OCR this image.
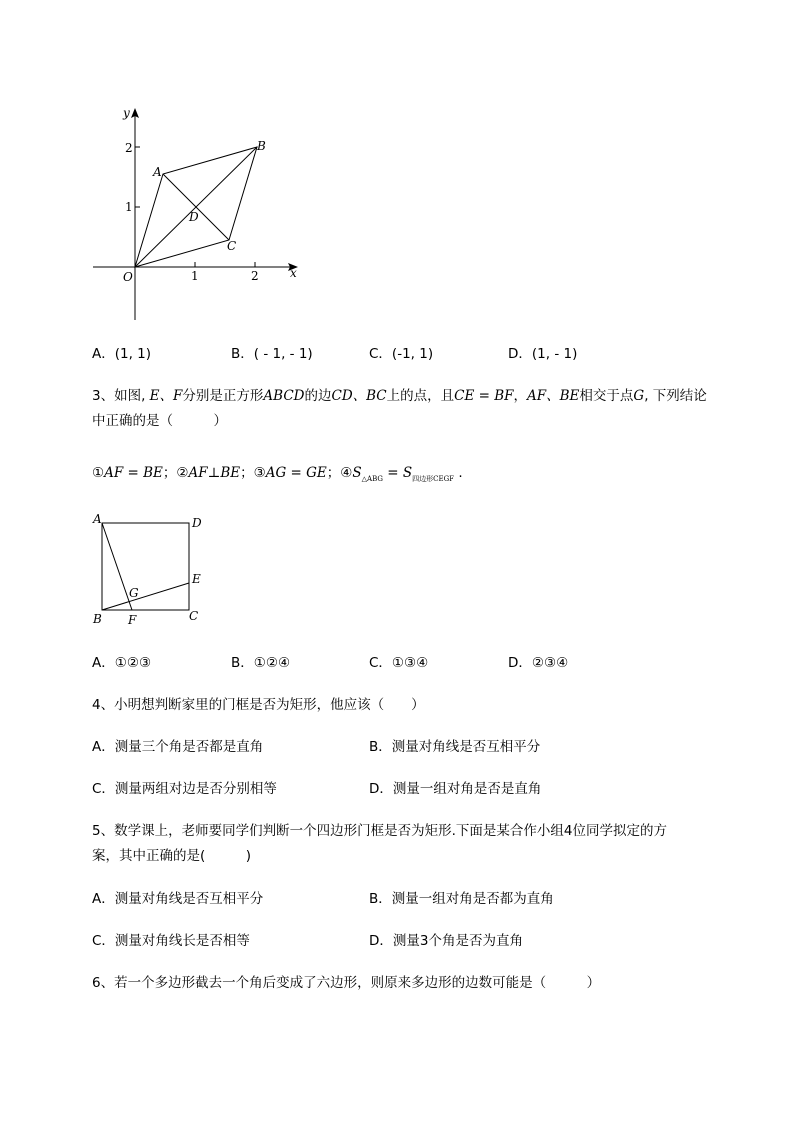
x
y
O	1	2
1
2
A
B
C
D
A．(1, 1)	B．( - 1, - 1)	C．(-1, 1)	D．(1, - 1)
3、如图, E、F分别是正方形ABCD的边CD、BC上的点，且CE = BF，AF、BE相交于点G, 下列结论
中正确的是（　　　）
①AF = BE；②AF⊥BE；③AG = GE；$④S_{\triangle ABG} = S_{四边形CEGF}$ .
A	D
B	C
E
F
G
A．①②③	B．①②④	C．①③④	D．②③④
4、小明想判断家里的门框是否为矩形，他应该（　　）
A．测量三个角是否都是直角	B．测量对角线是否互相平分
C．测量两组对边是否分别相等	D．测量一组对角是否是直角
5、数学课上，老师要同学们判断一个四边形门框是否为矩形.下面是某合作小组4位同学拟定的方
案，其中正确的是(　　　)
A．测量对角线是否互相平分	B．测量一组对角是否都为直角
C．测量对角线长是否相等	D．测量3个角是否为直角
6、若一个多边形截去一个角后变成了六边形，则原来多边形的边数可能是（　　　）
